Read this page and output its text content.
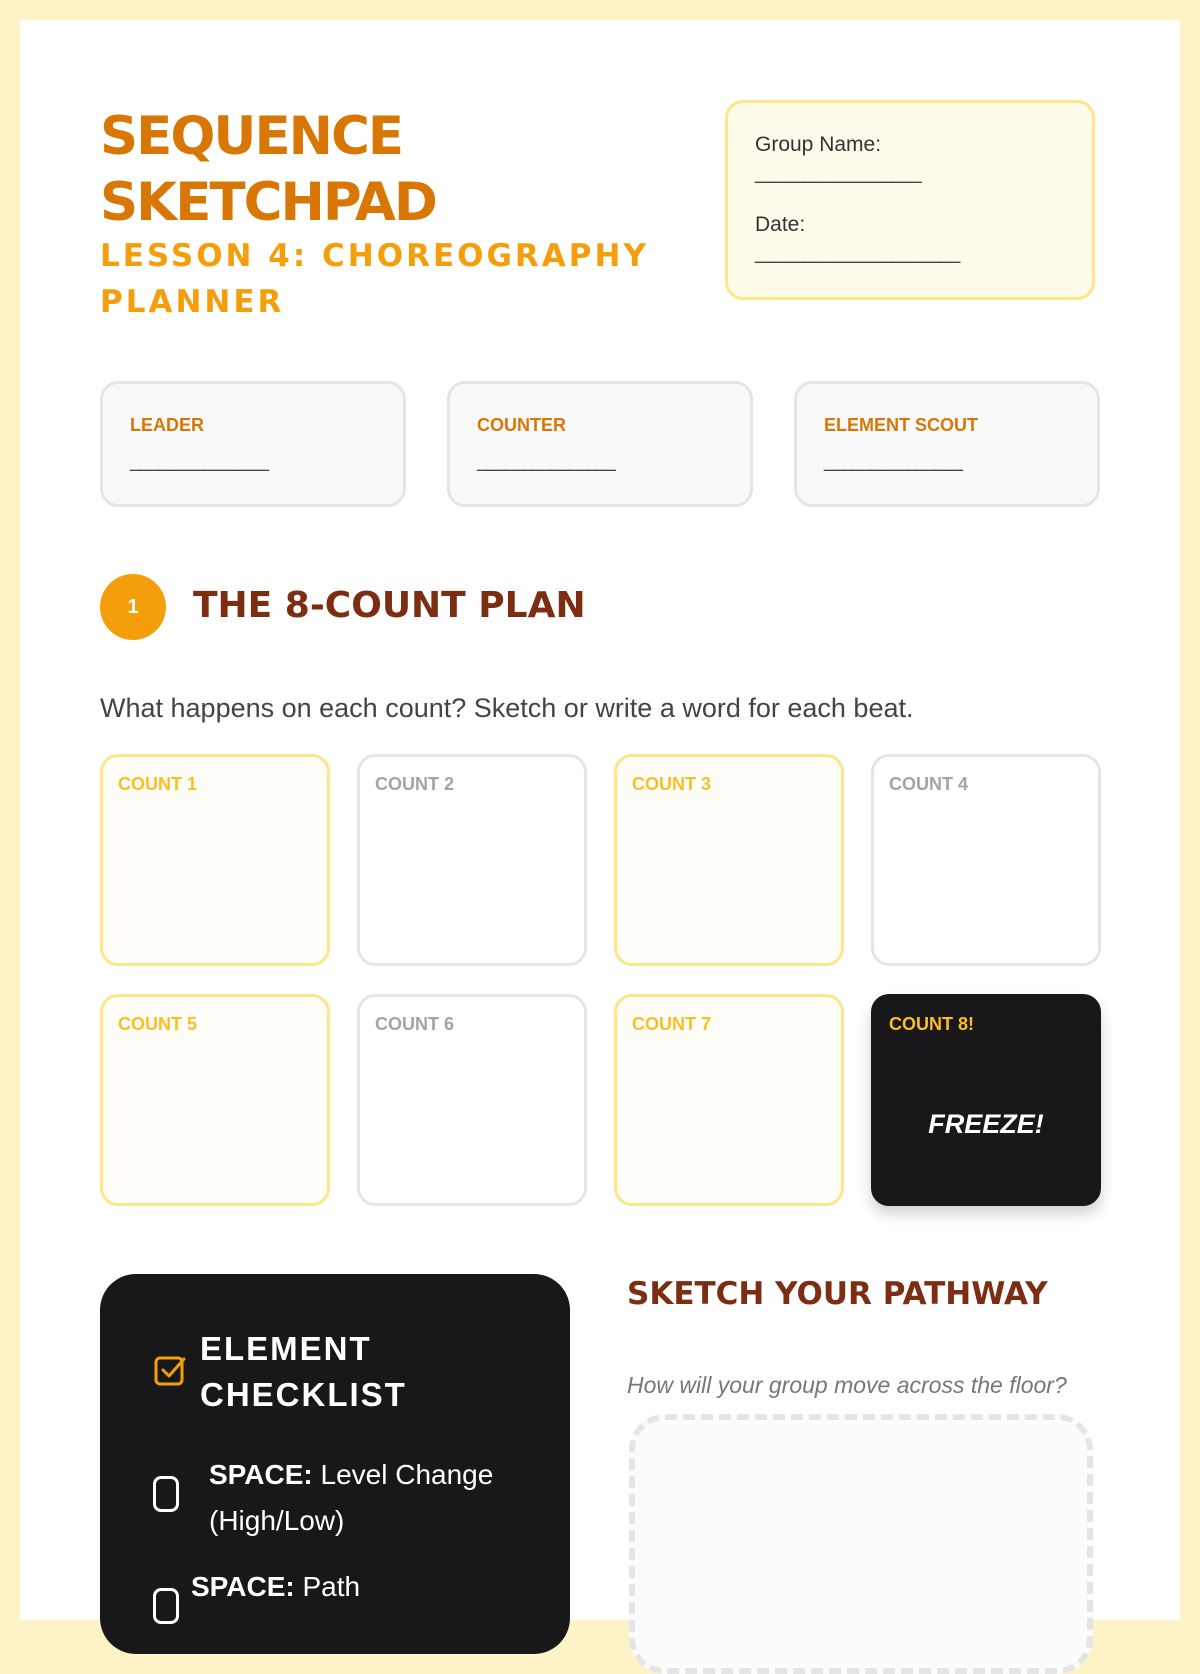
SEQUENCE SKETCHPAD
LESSON 4: CHOREOGRAPHY PLANNER
Group Name:
_________________
Date:
_____________________
LEADER
_______________
COUNTER
_______________
ELEMENT SCOUT
_______________
1	THE 8-COUNT PLAN
What happens on each count? Sketch or write a word for each beat.
COUNT 1	COUNT 2	COUNT 3	COUNT 4
COUNT 5	COUNT 6	COUNT 7	COUNT 8!
FREEZE!
ELEMENT CHECKLIST
SPACE: Level Change (High/Low)
SPACE: Path
SKETCH YOUR PATHWAY
How will your group move across the floor?
